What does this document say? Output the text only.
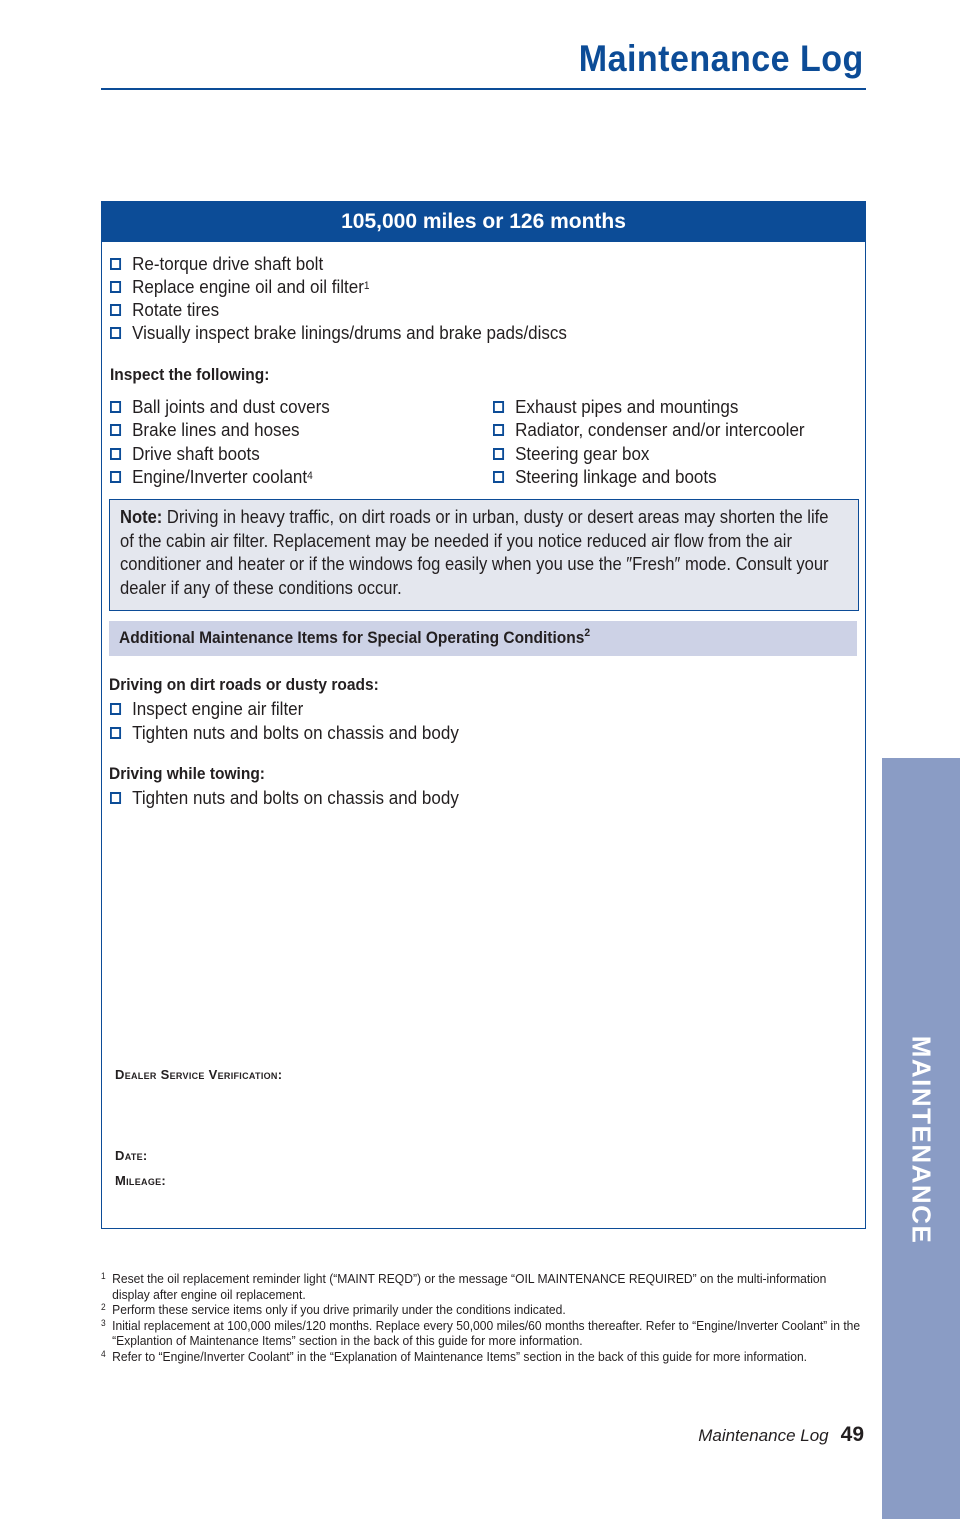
Maintenance Log
105,000 miles or 126 months
Re-torque drive shaft bolt
Replace engine oil and oil filter$^1$
Rotate tires
Visually inspect brake linings/drums and brake pads/discs
Inspect the following:
Ball joints and dust covers
Brake lines and hoses
Drive shaft boots
Engine/Inverter coolant$^4$
Exhaust pipes and mountings
Radiator, condenser and/or intercooler
Steering gear box
Steering linkage and boots
Note: Driving in heavy traffic, on dirt roads or in urban, dusty or desert areas may shorten the life of the cabin air filter. Replacement may be needed if you notice reduced air flow from the air conditioner and heater or if the windows fog easily when you use the ″Fresh″ mode. Consult your dealer if any of these conditions occur.
Additional Maintenance Items for Special Operating Conditions$^2$
Driving on dirt roads or dusty roads:
Inspect engine air filter
Tighten nuts and bolts on chassis and body
Driving while towing:
Tighten nuts and bolts on chassis and body
Dealer Service Verification:
Date:
Mileage:
1 Reset the oil replacement reminder light (“MAINT REQD”) or the message “OIL MAINTENANCE REQUIRED” on the multi-information display after engine oil replacement.
2 Perform these service items only if you drive primarily under the conditions indicated.
3 Initial replacement at 100,000 miles/120 months. Replace every 50,000 miles/60 months thereafter. Refer to “Engine/Inverter Coolant” in the “Explantion of Maintenance Items” section in the back of this guide for more information.
4 Refer to “Engine/Inverter Coolant” in the “Explanation of Maintenance Items” section in the back of this guide for more information.
Maintenance Log 49
MAINTENANCE
